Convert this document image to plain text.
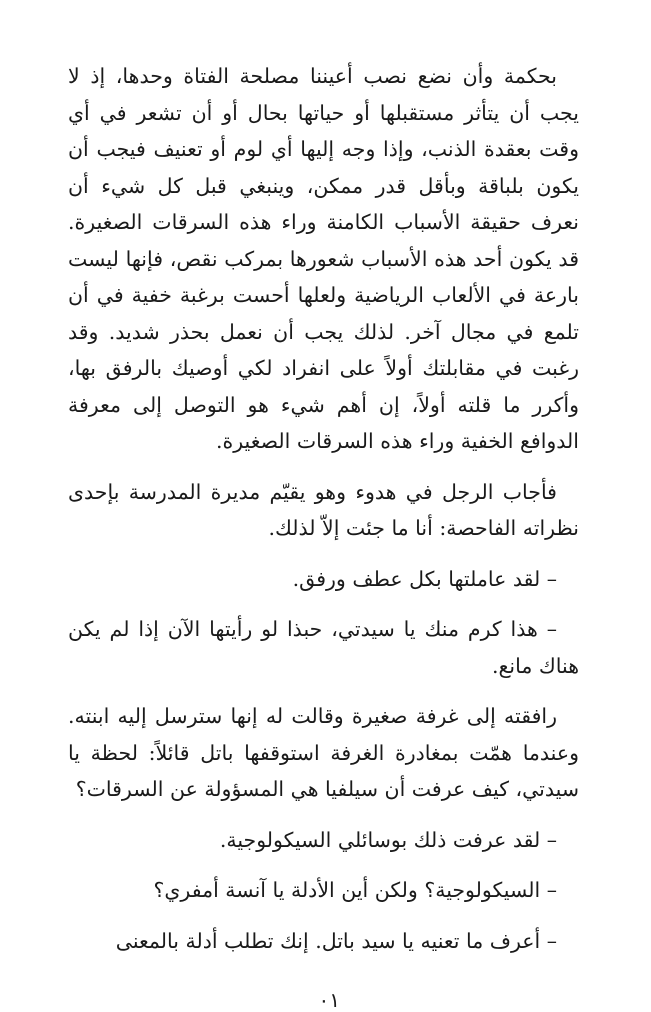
بحكمة وأن نضع نصب أعيننا مصلحة الفتاة وحدها، إذ لا يجب أن يتأثر مستقبلها أو حياتها بحال أو أن تشعر في أي وقت بعقدة الذنب، وإذا وجه إليها أي لوم أو تعنيف فيجب أن يكون بلباقة وبأقل قدر ممكن، وينبغي قبل كل شيء أن نعرف حقيقة الأسباب الكامنة وراء هذه السرقات الصغيرة. قد يكون أحد هذه الأسباب شعورها بمركب نقص، فإنها ليست بارعة في الألعاب الرياضية ولعلها أحست برغبة خفية في أن تلمع في مجال آخر. لذلك يجب أن نعمل بحذر شديد. وقد رغبت في مقابلتك أولاً على انفراد لكي أوصيك بالرفق بها، وأكرر ما قلته أولاً، إن أهم شيء هو التوصل إلى معرفة الدوافع الخفية وراء هذه السرقات الصغيرة.

فأجاب الرجل في هدوء وهو يقيّم مديرة المدرسة بإحدى نظراته الفاحصة: أنا ما جئت إلاّ لذلك.

– لقد عاملتها بكل عطف ورفق.

– هذا كرم منك يا سيدتي، حبذا لو رأيتها الآن إذا لم يكن هناك مانع.

رافقته إلى غرفة صغيرة وقالت له إنها سترسل إليه ابنته. وعندما همّت بمغادرة الغرفة استوقفها باتل قائلاً: لحظة يا سيدتي، كيف عرفت أن سيلفيا هي المسؤولة عن السرقات؟

– لقد عرفت ذلك بوسائلي السيكولوجية.

– السيكولوجية؟ ولكن أين الأدلة يا آنسة أمفري؟

– أعرف ما تعنيه يا سيد باتل. إنك تطلب أدلة بالمعنى

٠١
